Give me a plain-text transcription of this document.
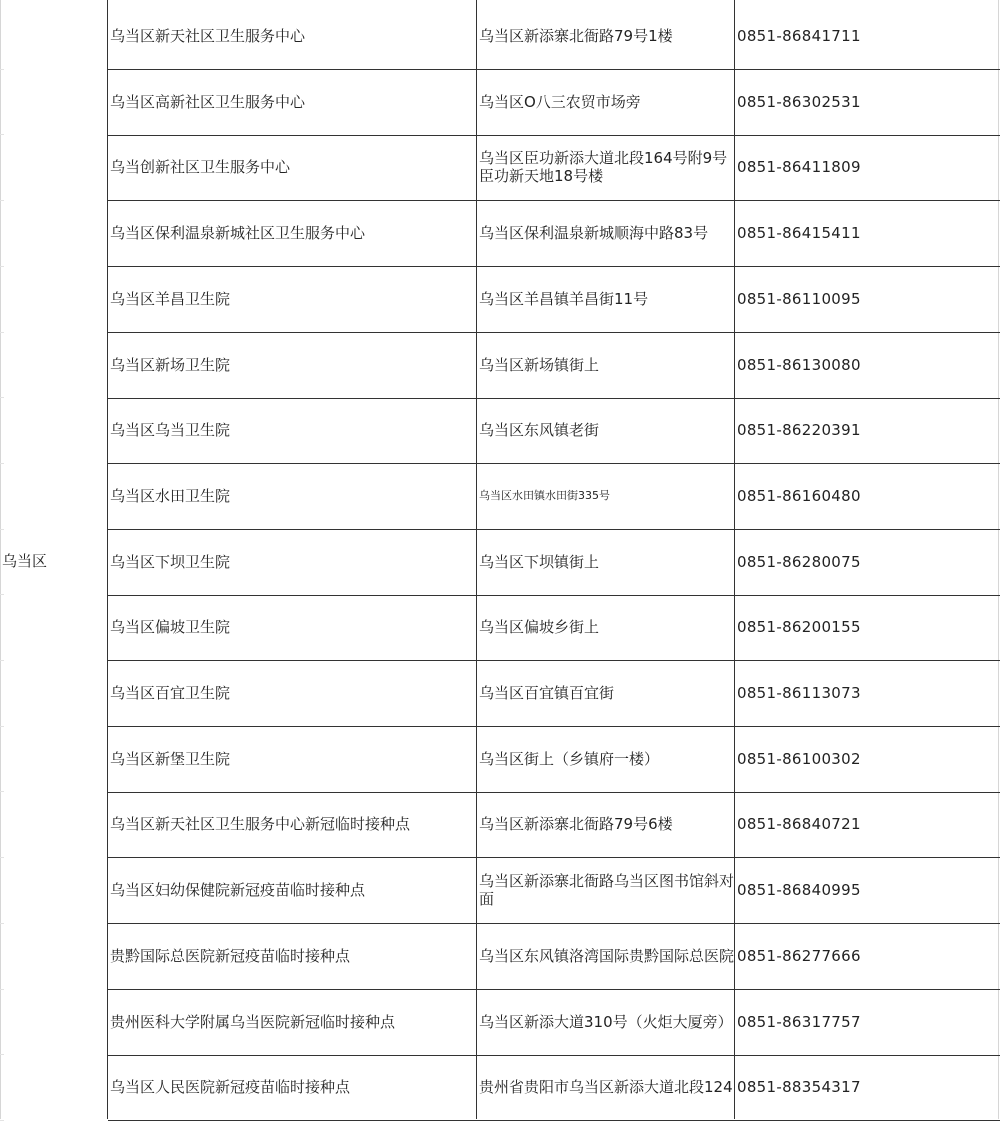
乌当区
乌当区新天社区卫生服务中心	乌当区新添寨北衙路79号1楼	0851-86841711
乌当区高新社区卫生服务中心	乌当区O八三农贸市场旁	0851-86302531
乌当创新社区卫生服务中心	乌当区臣功新添大道北段164号附9号臣功新天地18号楼	0851-86411809
乌当区保利温泉新城社区卫生服务中心	乌当区保利温泉新城顺海中路83号 0851-86415411
乌当区羊昌卫生院	乌当区羊昌镇羊昌街11号	0851-86110095
乌当区新场卫生院	乌当区新场镇街上	0851-86130080
乌当区乌当卫生院	乌当区东风镇老街	0851-86220391
乌当区水田卫生院	乌当区水田镇水田街335号	0851-86160480
乌当区下坝卫生院	乌当区下坝镇街上	0851-86280075
乌当区偏坡卫生院	乌当区偏坡乡街上	0851-86200155
乌当区百宜卫生院	乌当区百宜镇百宜街	0851-86113073
乌当区新堡卫生院	乌当区街上（乡镇府一楼）	0851-86100302
乌当区新天社区卫生服务中心新冠临时接种点	乌当区新添寨北衙路79号6楼	0851-86840721
乌当区妇幼保健院新冠疫苗临时接种点	乌当区新添寨北衙路乌当区图书馆斜对面	0851-86840995
贵黔国际总医院新冠疫苗临时接种点	乌当区东风镇洛湾国际贵黔国际总医院 0851-86277666
贵州医科大学附属乌当医院新冠临时接种点	乌当区新添大道310号（火炬大厦旁） 0851-86317757
乌当区人民医院新冠疫苗临时接种点	贵州省贵阳市乌当区新添大道北段124 0851-88354317
